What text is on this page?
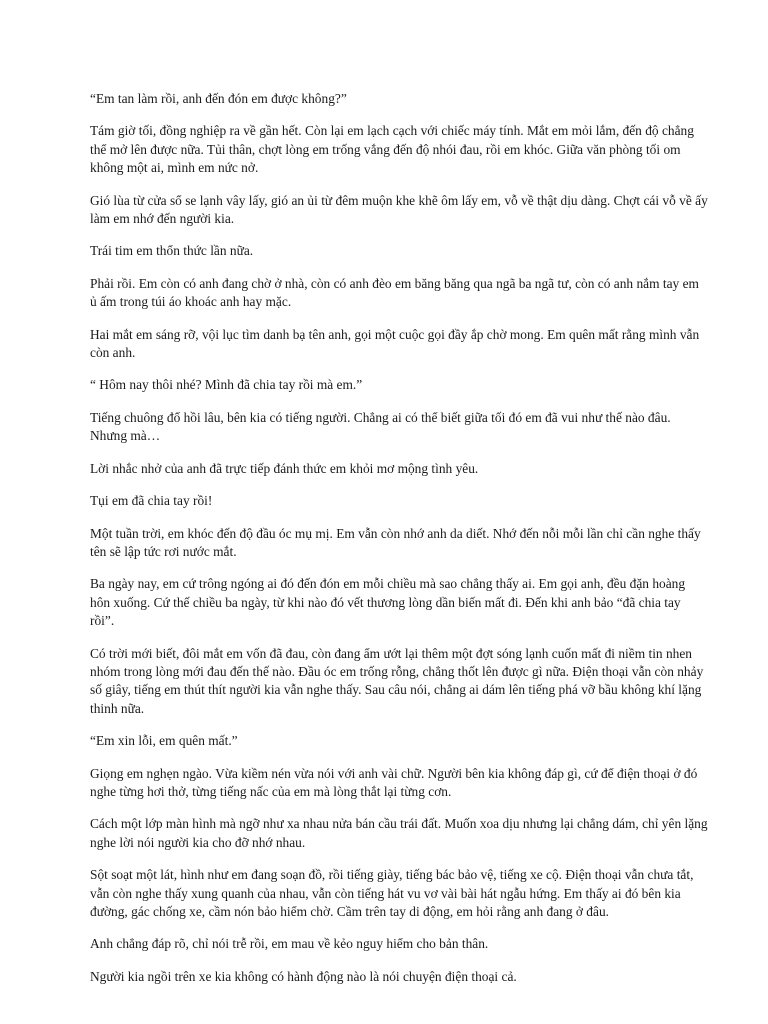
“Em tan làm rồi, anh đến đón em được không?”

Tám giờ tối, đồng nghiệp ra về gần hết. Còn lại em lạch cạch với chiếc máy tính. Mắt em mỏi lắm, đến độ chẳng thể mở lên được nữa. Tủi thân, chợt lòng em trống vắng đến độ nhói đau, rồi em khóc. Giữa văn phòng tối om không một ai, mình em nức nở.

Gió lùa từ cửa sổ se lạnh vây lấy, gió an ủi từ đêm muộn khe khẽ ôm lấy em, vỗ về thật dịu dàng. Chợt cái vỗ về ấy làm em nhớ đến người kia.

Trái tim em thổn thức lần nữa.

Phải rồi. Em còn có anh đang chờ ở nhà, còn có anh đèo em băng băng qua ngã ba ngã tư, còn có anh nắm tay em ủ ấm trong túi áo khoác anh hay mặc.

Hai mắt em sáng rỡ, vội lục tìm danh bạ tên anh, gọi một cuộc gọi đầy ắp chờ mong. Em quên mất rằng mình vẫn còn anh.

“ Hôm nay thôi nhé? Mình đã chia tay rồi mà em.”

Tiếng chuông đổ hồi lâu, bên kia có tiếng người. Chẳng ai có thể biết giữa tối đó em đã vui như thế nào đâu. Nhưng mà…

Lời nhắc nhở của anh đã trực tiếp đánh thức em khỏi mơ mộng tình yêu.

Tụi em đã chia tay rồi!

Một tuần trời, em khóc đến độ đầu óc mụ mị. Em vẫn còn nhớ anh da diết. Nhớ đến nỗi mỗi lần chỉ cần nghe thấy tên sẽ lập tức rơi nước mắt.

Ba ngày nay, em cứ trông ngóng ai đó đến đón em mỗi chiều mà sao chẳng thấy ai. Em gọi anh, đều đặn hoàng hôn xuống. Cứ thế chiều ba ngày, từ khi nào đó vết thương lòng dần biến mất đi. Đến khi anh bảo “đã chia tay rồi”.

Có trời mới biết, đôi mắt em vốn đã đau, còn đang ẩm ướt lại thêm một đợt sóng lạnh cuốn mất đi niềm tin nhen nhóm trong lòng mới đau đến thế nào. Đầu óc em trống rỗng, chẳng thốt lên được gì nữa. Điện thoại vẫn còn nhảy số giây, tiếng em thút thít người kia vẫn nghe thấy. Sau câu nói, chẳng ai dám lên tiếng phá vỡ bầu không khí lặng thinh nữa.

“Em xin lỗi, em quên mất.”

Giọng em nghẹn ngào. Vừa kiềm nén vừa nói với anh vài chữ. Người bên kia không đáp gì, cứ để điện thoại ở đó nghe từng hơi thở, từng tiếng nấc của em mà lòng thắt lại từng cơn.

Cách một lớp màn hình mà ngỡ như xa nhau nửa bán cầu trái đất. Muốn xoa dịu nhưng lại chẳng dám, chỉ yên lặng nghe lời nói người kia cho đỡ nhớ nhau.

Sột soạt một lát, hình như em đang soạn đồ, rồi tiếng giày, tiếng bác bảo vệ, tiếng xe cộ. Điện thoại vẫn chưa tắt, vẫn còn nghe thấy xung quanh của nhau, vẫn còn tiếng hát vu vơ vài bài hát ngẫu hứng. Em thấy ai đó bên kia đường, gác chống xe, cầm nón bảo hiểm chờ. Cầm trên tay di động, em hỏi rằng anh đang ở đâu.

Anh chẳng đáp rõ, chỉ nói trễ rồi, em mau về kẻo nguy hiểm cho bản thân.

Người kia ngồi trên xe kia không có hành động nào là nói chuyện điện thoại cả.
